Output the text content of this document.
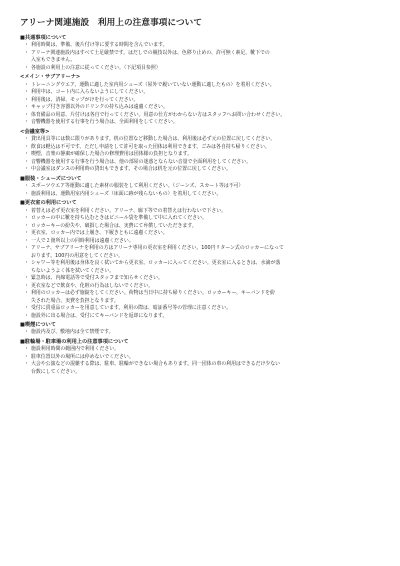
アリーナ関連施設　利用上の注意事項について
■共通事項について
・ 利用時間は、準備、後片付け等に要する時間を含んでいます。
・ アリーナ関連施設内はすべて土足厳禁です。はだしでの競技以外は、色移り止めの、許可無く素足、靴下での
入室もできません。
・ 各施設の利用上の注意に従ってください。（下記項目参照）
<メイン・サブアリーナ>
・ トレーニングウエア、運動に適した室内用シューズ（屋外で履いていない運動に適したもの）を着用ください。
・ 利用中は、コート内に入らないようにしてください。
・ 利用後は、清掃、モップがけを行ってください。
・ キャップ付き容器以外のドリンクの持ち込みは遠慮ください。
・ 体育備品の用意、片付けは各自で行ってください。用意の仕方がわからない方はスタッフへお問い合わせください。
・ 音響機器を使用する行事を行う場合は、全面利用をしてください。
<会議室等>
・ 貸出用具等には数に限りがあります。机の位置など移動した場合は、利用後は必ず元の位置に戻してください。
・ 飲食は軽込は不可です。ただし申請をして許可を取った団体は利用できます。ごみは各自持ち帰りください。
・ 喫煙、音楽の静粛が確保した場合の修理費用は団体様の負担となります。
・ 音響機器を使用する行事を行う場合は、他の部屋の迷惑とならない音量で全面利用をしてください。
・ 中会議室はダンスの利用時の貸出もできます。その場合は机を元の位置に戻してください。
■服装・シューズについて
・ スポーツウエア等運動に適した素材の服装をして利用ください。（ジーンズ、スカート等は不可）
・ 施設利用は、運動用室内用シューズ（床面に跡が残らないもの）を着用してください。
■更衣室の利用について
・ 着替えは必ず更衣室を利用ください。アリーナ、廊下等での着替えは行わないで下さい。
・ ロッカーの中に靴を持ち込むときはビニール袋を準備して中に入れてください。
・ ロッカーキーの紛失や、破損した場合は、実費にて弁償していただきます。
・ 更衣室、ロッカー内では上履き、下履きともに遠慮ください。
・ 一人で２箇所以上の同時利用は遠慮ください。
・ アリーナ、サブアリーナを利用の方はアリーナ専用の更衣室を利用ください。100円リターン式のロッカーになって
おります。100円の用意をしてください。
・ シャワー等を利用後は身体を良く拭いてから更衣室、ロッカーに入ってください。更衣室に入るときは、水滴が落
ちないようよく体を拭いてください。
・ 緊急時は、内線電話等で受付スタッフまで知らせください。
・ 更衣室などで飲食や、化粧の行為はしないでください。
・ 利用のロッカーは必ず施錠をしてください。荷物は当日中に持ち帰りください。ロッカーキー、キーバンドを紛
失された場合、実費を負担となります。
・ 受付に貴重品ロッカーを用意しています。利用の際は、暗証番号等の管理に注意ください。
・ 施設外に出る場合は、受付にてキーバンドを返却になります。
■喫煙について
・ 施設内及び、敷地内は全て禁煙です。
■駐輪場・駐車場の利用上の注意事項について
・ 施設利用時間の範囲内で利用ください。
・ 駐車位置以外の場所には停めないでください。
・ 大会や公演などの混雑する際は、駐車、駐輪ができない場合もあります。同一団体の車の利用はできるだけ少ない
台数にしてください。
